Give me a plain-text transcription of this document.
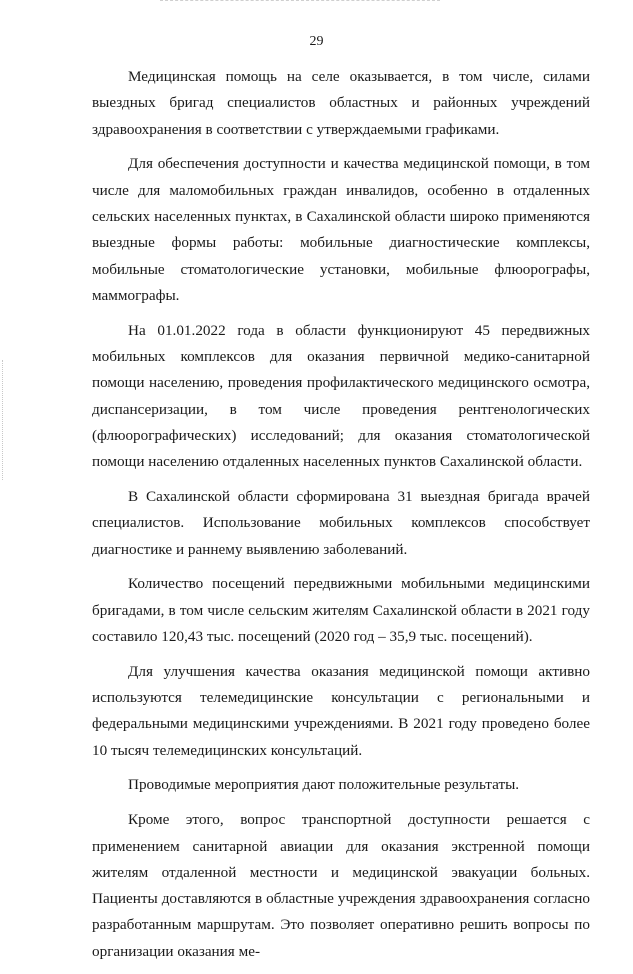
29

Медицинская помощь на селе оказывается, в том числе, силами выездных бригад специалистов областных и районных учреждений здравоохранения в соответствии с утверждаемыми графиками.

Для обеспечения доступности и качества медицинской помощи, в том числе для маломобильных граждан инвалидов, особенно в отдаленных сельских населенных пунктах, в Сахалинской области широко применяются выездные формы работы: мобильные диагностические комплексы, мобильные стоматологические установки, мобильные флюорографы, маммографы.

На 01.01.2022 года в области функционируют 45 передвижных мобильных комплексов для оказания первичной медико-санитарной помощи населению, проведения профилактического медицинского осмотра, диспансеризации, в том числе проведения рентгенологических (флюорографических) исследований; для оказания стоматологической помощи населению отдаленных населенных пунктов Сахалинской области.

В Сахалинской области сформирована 31 выездная бригада врачей специалистов. Использование мобильных комплексов способствует диагностике и раннему выявлению заболеваний.

Количество посещений передвижными мобильными медицинскими бригадами, в том числе сельским жителям Сахалинской области в 2021 году составило 120,43 тыс. посещений (2020 год – 35,9 тыс. посещений).

Для улучшения качества оказания медицинской помощи активно используются телемедицинские консультации с региональными и федеральными медицинскими учреждениями. В 2021 году проведено более 10 тысяч телемедицинских консультаций.

Проводимые мероприятия дают положительные результаты.

Кроме этого, вопрос транспортной доступности решается с применением санитарной авиации для оказания экстренной помощи жителям отдаленной местности и медицинской эвакуации больных. Пациенты доставляются в областные учреждения здравоохранения согласно разработанным маршрутам. Это позволяет оперативно решить вопросы по организации оказания ме-
